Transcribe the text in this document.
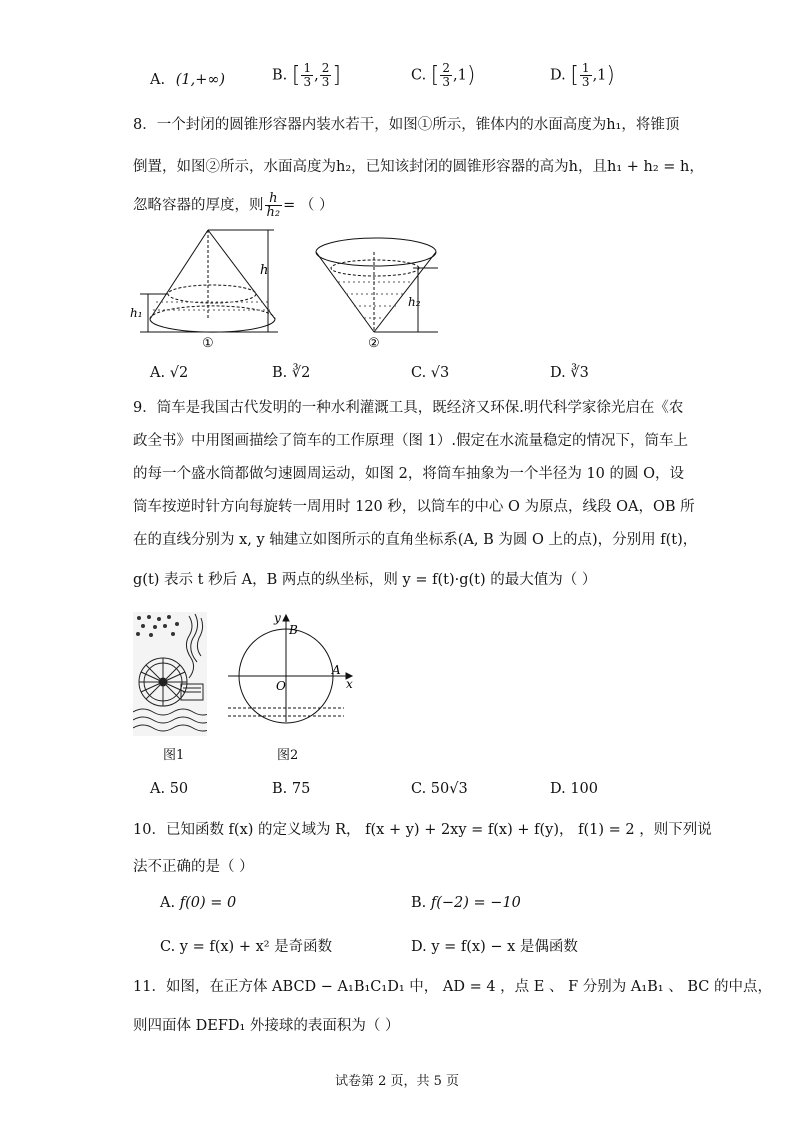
A. (1,+∞)	B. [ $\frac{1}{3}$ , $\frac{2}{3}$ ]	C. [ $\frac{2}{3} ,1$)	D. [ $\frac{1}{3} ,1$)
8．一个封闭的圆锥形容器内装水若干，如图①所示，锥体内的水面高度为h₁，将锥顶
倒置，如图②所示，水面高度为h₂，已知该封闭的圆锥形容器的高为h，且h₁ + h₂ = h，
忽略容器的厚度，则 $\frac{h}{\text{h₂}}$ = （ ）
h
h₁
①
h₂
②
A. √2	B. ∛2	C. √3	D. ∛3
9．筒车是我国古代发明的一种水利灌溉工具，既经济又环保.明代科学家徐光启在《农
政全书》中用图画描绘了筒车的工作原理（图 1）.假定在水流量稳定的情况下，筒车上
的每一个盛水筒都做匀速圆周运动，如图 2，将筒车抽象为一个半径为 10 的圆 O，设
筒车按逆时针方向每旋转一周用时 120 秒，以筒车的中心 O 为原点，线段 OA，OB 所
在的直线分别为 x, y 轴建立如图所示的直角坐标系(A, B 为圆 O 上的点)，分别用 f(t)，
g(t) 表示 t 秒后 A，B 两点的纵坐标，则 y = f(t)·g(t) 的最大值为（ ）
图1
y
B
A
O	x
图2
A. 50	B. 75	C. 50√3	D. 100
10．已知函数 f(x) 的定义域为 R， f(x + y) + 2xy = f(x) + f(y)， f(1) = 2 ，则下列说
法不正确的是（ ）
A. f(0) = 0	B. f(−2) = −10
C. y = f(x) + x² 是奇函数	D. y = f(x) − x 是偶函数
11．如图，在正方体 ABCD − A₁B₁C₁D₁ 中， AD = 4 ，点 E 、 F 分别为 A₁B₁ 、 BC 的中点，
则四面体 DEFD₁ 外接球的表面积为（ ）
试卷第 2 页，共 5 页
